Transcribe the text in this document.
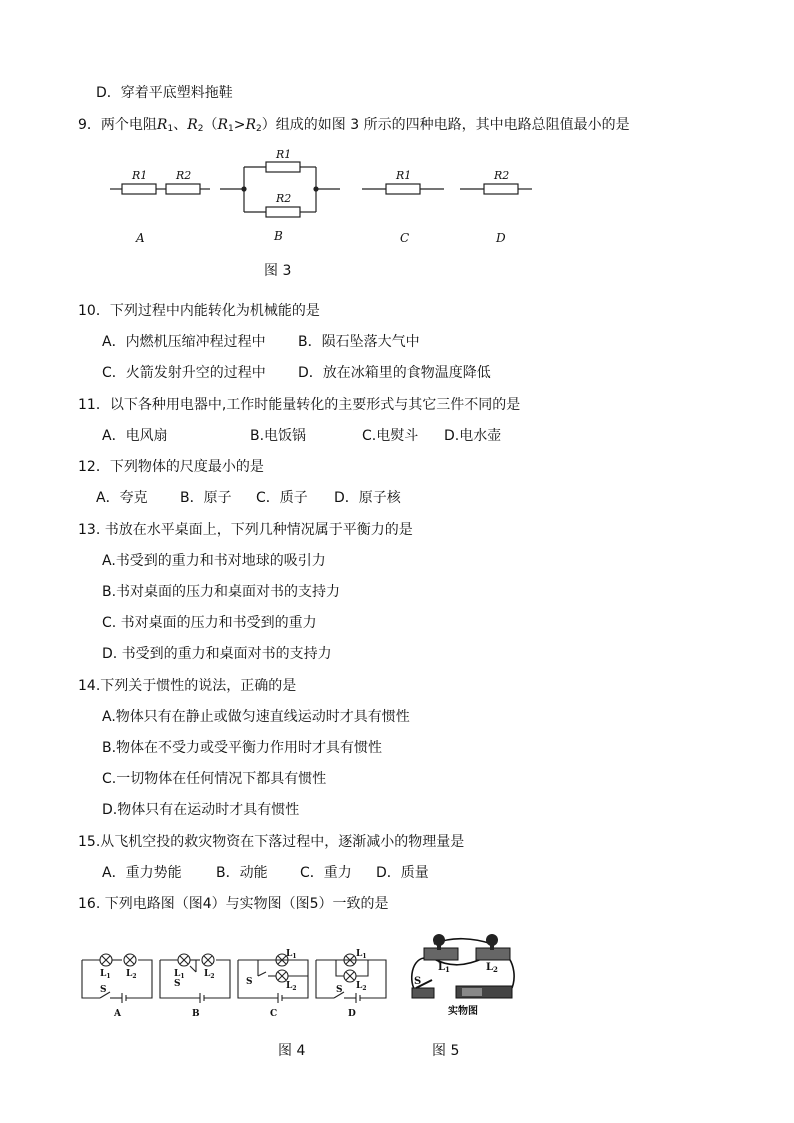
D．穿着平底塑料拖鞋
9．两个电阻$R_1$、$R_2(R_1>R_2)$组成的如图 3 所示的四种电路，其中电路总阻值最小的是
R1	R2
A
R1
R2
B
R1
C
R2
D
图 3
10．下列过程中内能转化为机械能的是
A．内燃机压缩冲程过程中 B．陨石坠落大气中
C．火箭发射升空的过程中 D．放在冰箱里的食物温度降低
11．以下各种用电器中,工作时能量转化的主要形式与其它三件不同的是
A．电风扇	B.电饭锅	C.电熨斗 D.电水壶
12．下列物体的尺度最小的是
A．夸克 B．原子 C．质子 D．原子核
13. 书放在水平桌面上，下列几种情况属于平衡力的是
A.书受到的重力和书对地球的吸引力
B.书对桌面的压力和桌面对书的支持力
C. 书对桌面的压力和书受到的重力
D. 书受到的重力和桌面对书的支持力
14.下列关于惯性的说法，正确的是
A.物体只有在静止或做匀速直线运动时才具有惯性
B.物体在不受力或受平衡力作用时才具有惯性
C.一切物体在任何情况下都具有惯性
D.物体只有在运动时才具有惯性
15.从飞机空投的救灾物资在下落过程中，逐渐减小的物理量是
A．重力势能 B．动能 C．重力 D．质量
16. 下列电路图（图4）与实物图（图5）一致的是
$L_1$ $L_2$
S
A
$L_1$ $L_2$
S
B
$L_1$
$L_2$
S
C
$L_1$
$L_2$
S
D
$L_1$	$L_2$
S
实物图
图 4	图 5
